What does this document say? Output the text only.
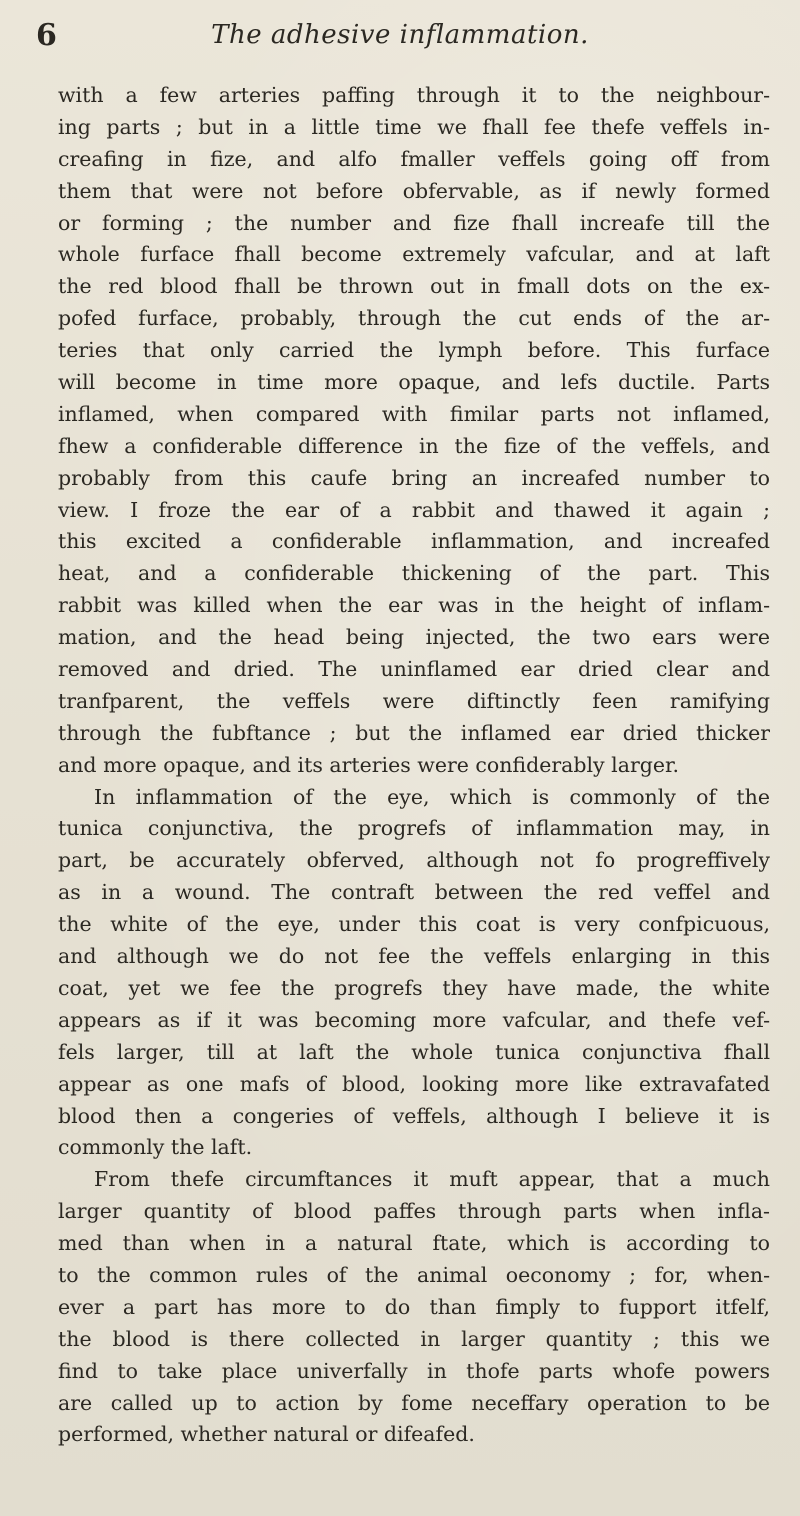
6	The adhesive inflammation.
with a few arteries paffing through it to the neighbour-
ing parts ; but in a little time we fhall fee thefe veffels in-
creafing in fize, and alfo fmaller veffels going off from
them that were not before obfervable, as if newly formed
or forming ; the number and fize fhall increafe till the
whole furface fhall become extremely vafcular, and at laft
the red blood fhall be thrown out in fmall dots on the ex-
pofed furface, probably, through the cut ends of the ar-
teries that only carried the lymph before. This furface
will become in time more opaque, and lefs ductile. Parts
inflamed, when compared with fimilar parts not inflamed,
fhew a confiderable difference in the fize of the veffels, and
probably from this caufe bring an increafed number to
view. I froze the ear of a rabbit and thawed it again ;
this excited a confiderable inflammation, and increafed
heat, and a confiderable thickening of the part. This
rabbit was killed when the ear was in the height of inflam-
mation, and the head being injected, the two ears were
removed and dried. The uninflamed ear dried clear and
tranfparent, the veffels were diftinctly feen ramifying
through the fubftance ; but the inflamed ear dried thicker
and more opaque, and its arteries were confiderably larger.
In inflammation of the eye, which is commonly of the
tunica conjunctiva, the progrefs of inflammation may, in
part, be accurately obferved, although not fo progreffively
as in a wound. The contraft between the red veffel and
the white of the eye, under this coat is very confpicuous,
and although we do not fee the veffels enlarging in this
coat, yet we fee the progrefs they have made, the white
appears as if it was becoming more vafcular, and thefe vef-
fels larger, till at laft the whole tunica conjunctiva fhall
appear as one mafs of blood, looking more like extravafated
blood then a congeries of veffels, although I believe it is
commonly the laft.
From thefe circumftances it muft appear, that a much
larger quantity of blood paffes through parts when infla-
med than when in a natural ftate, which is according to
to the common rules of the animal oeconomy ; for, when-
ever a part has more to do than fimply to fupport itfelf,
the blood is there collected in larger quantity ; this we
find to take place univerfally in thofe parts whofe powers
are called up to action by fome neceffary operation to be
performed, whether natural or difeafed.
